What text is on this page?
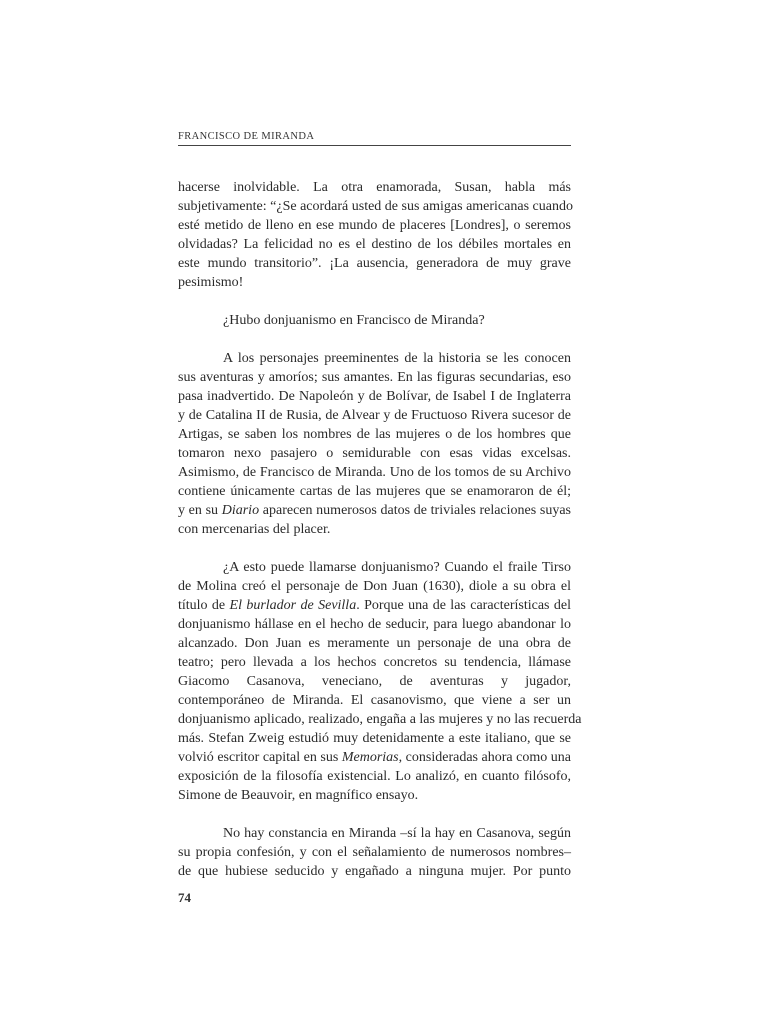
FRANCISCO DE MIRANDA
hacerse inolvidable. La otra enamorada, Susan, habla más
subjetivamente: “¿Se acordará usted de sus amigas americanas cuando
esté metido de lleno en ese mundo de placeres [Londres], o seremos
olvidadas? La felicidad no es el destino de los débiles mortales en
este mundo transitorio”. ¡La ausencia, generadora de muy grave
pesimismo!
¿Hubo donjuanismo en Francisco de Miranda?
A los personajes preeminentes de la historia se les conocen
sus aventuras y amoríos; sus amantes. En las figuras secundarias, eso
pasa inadvertido. De Napoleón y de Bolívar, de Isabel I de Inglaterra
y de Catalina II de Rusia, de Alvear y de Fructuoso Rivera sucesor de
Artigas, se saben los nombres de las mujeres o de los hombres que
tomaron nexo pasajero o semidurable con esas vidas excelsas.
Asimismo, de Francisco de Miranda. Uno de los tomos de su Archivo
contiene únicamente cartas de las mujeres que se enamoraron de él;
y en su Diario aparecen numerosos datos de triviales relaciones suyas
con mercenarias del placer.
¿A esto puede llamarse donjuanismo? Cuando el fraile Tirso
de Molina creó el personaje de Don Juan (1630), diole a su obra el
título de El burlador de Sevilla. Porque una de las características del
donjuanismo hállase en el hecho de seducir, para luego abandonar lo
alcanzado. Don Juan es meramente un personaje de una obra de
teatro; pero llevada a los hechos concretos su tendencia, llámase
Giacomo Casanova, veneciano, de aventuras y jugador,
contemporáneo de Miranda. El casanovismo, que viene a ser un
donjuanismo aplicado, realizado, engaña a las mujeres y no las recuerda
más. Stefan Zweig estudió muy detenidamente a este italiano, que se
volvió escritor capital en sus Memorias, consideradas ahora como una
exposición de la filosofía existencial. Lo analizó, en cuanto filósofo,
Simone de Beauvoir, en magnífico ensayo.
No hay constancia en Miranda –sí la hay en Casanova, según
su propia confesión, y con el señalamiento de numerosos nombres–
de que hubiese seducido y engañado a ninguna mujer. Por punto
74
